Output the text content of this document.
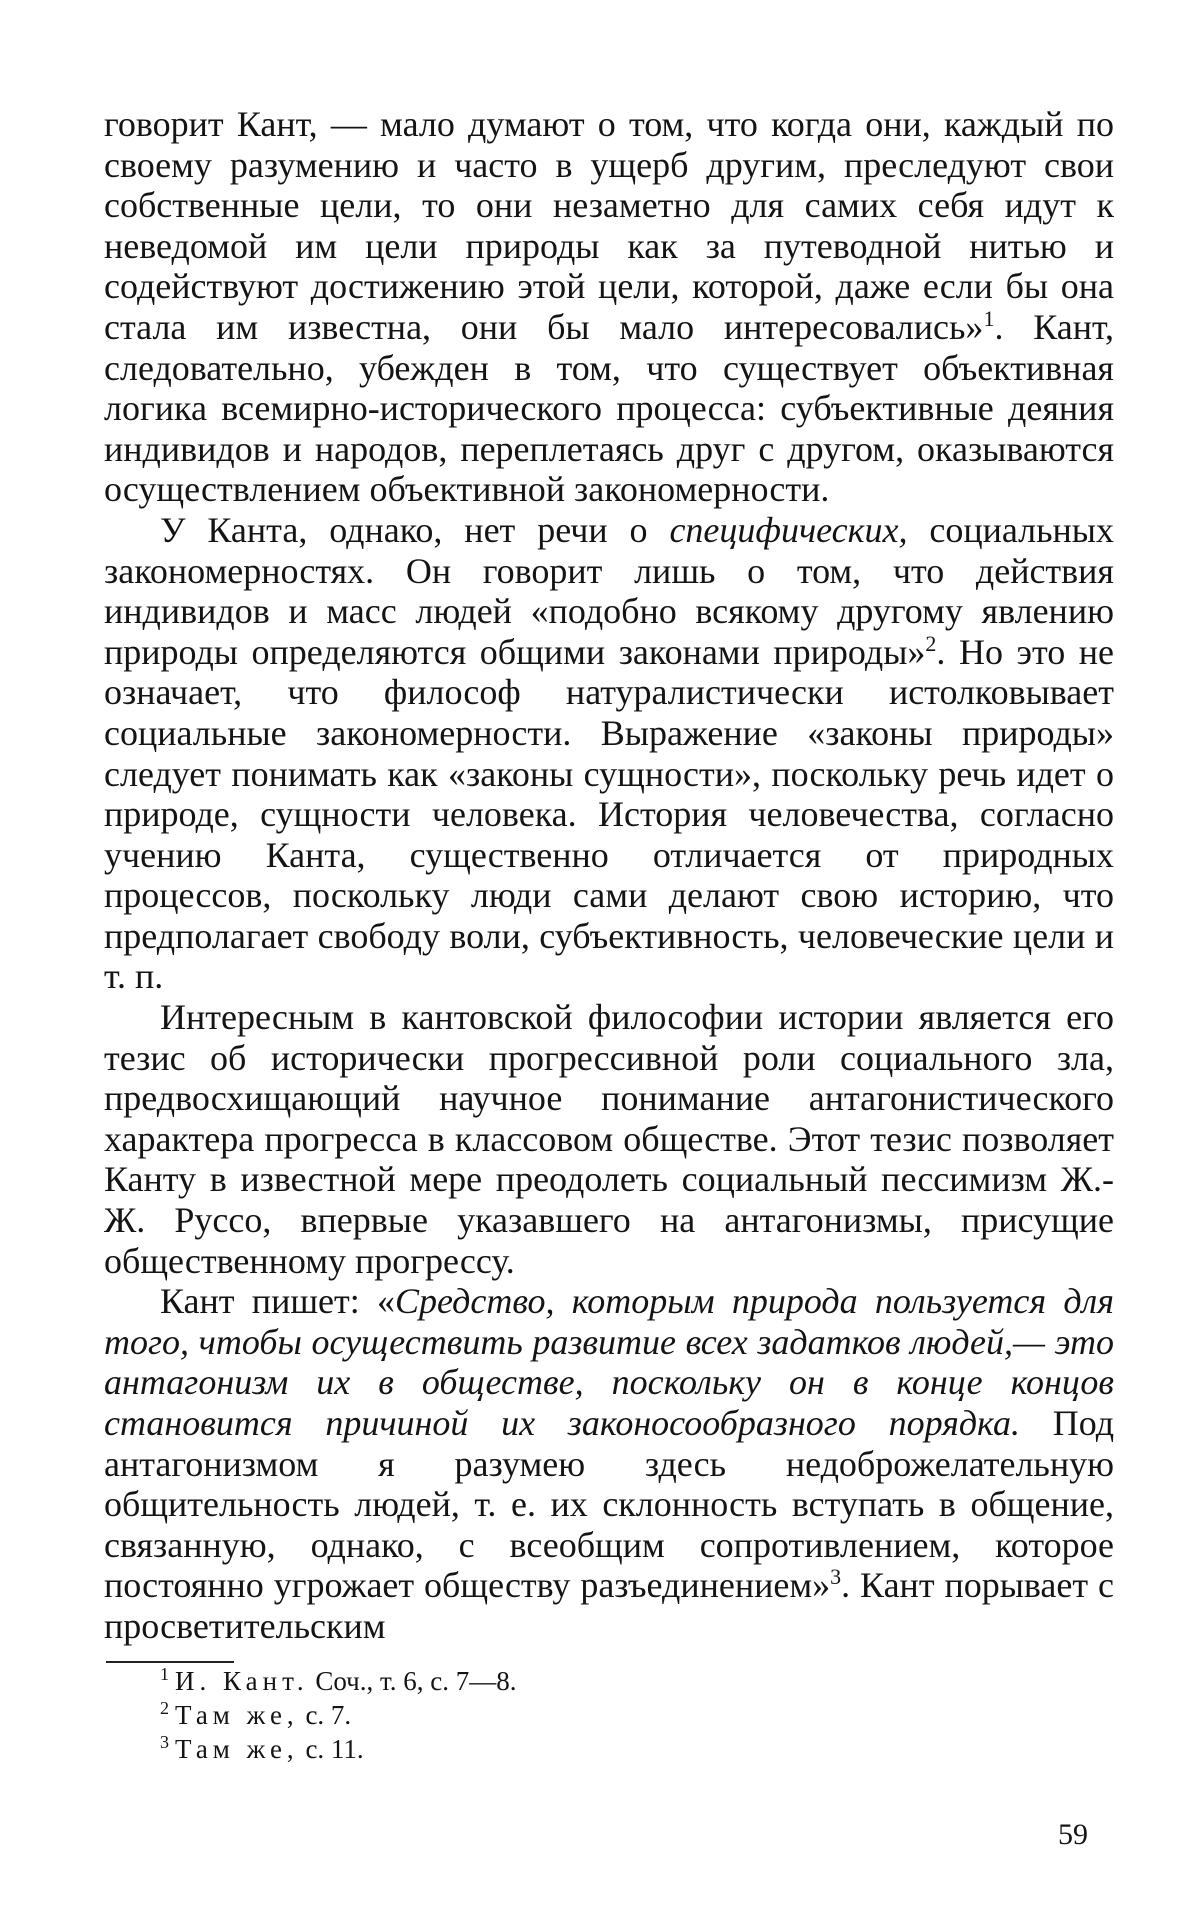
говорит Кант, — мало думают о том, что когда они, каждый по своему разумению и часто в ущерб другим, преследуют свои собственные цели, то они незаметно для самих себя идут к неведомой им цели природы как за путеводной нитью и содействуют достижению этой цели, которой, даже если бы она стала им известна, они бы мало интересовались»$^1$. Кант, следовательно, убежден в том, что существует объективная логика всемирно-исторического процесса: субъективные деяния индивидов и народов, переплетаясь друг с другом, оказываются осуществлением объективной закономерности.

У Канта, однако, нет речи о специфических, социальных закономерностях. Он говорит лишь о том, что действия индивидов и масс людей «подобно всякому другому явлению природы определяются общими законами природы»$^2$. Но это не означает, что философ натуралистически истолковывает социальные закономерности. Выражение «законы природы» следует понимать как «законы сущности», поскольку речь идет о природе, сущности человека. История человечества, согласно учению Канта, существенно отличается от природных процессов, поскольку люди сами делают свою историю, что предполагает свободу воли, субъективность, человеческие цели и т. п.

Интересным в кантовской философии истории является его тезис об исторически прогрессивной роли социального зла, предвосхищающий научное понимание антагонистического характера прогресса в классовом обществе. Этот тезис позволяет Канту в известной мере преодолеть социальный пессимизм Ж.-Ж. Руссо, впервые указавшего на антагонизмы, присущие общественному прогрессу.

Кант пишет: «Средство, которым природа пользуется для того, чтобы осуществить развитие всех задатков людей,— это антагонизм их в обществе, поскольку он в конце концов становится причиной их законосообразного порядка. Под антагонизмом я разумею здесь недоброжелательную общительность людей, т. е. их склонность вступать в общение, связанную, однако, с всеобщим сопротивлением, которое постоянно угрожает обществу разъединением»$^3$. Кант порывает с просветительским

$^1$ И. Кант. Соч., т. 6, с. 7—8.

$^2$ Там же, с. 7.

$^3$ Там же, с. 11.

59
